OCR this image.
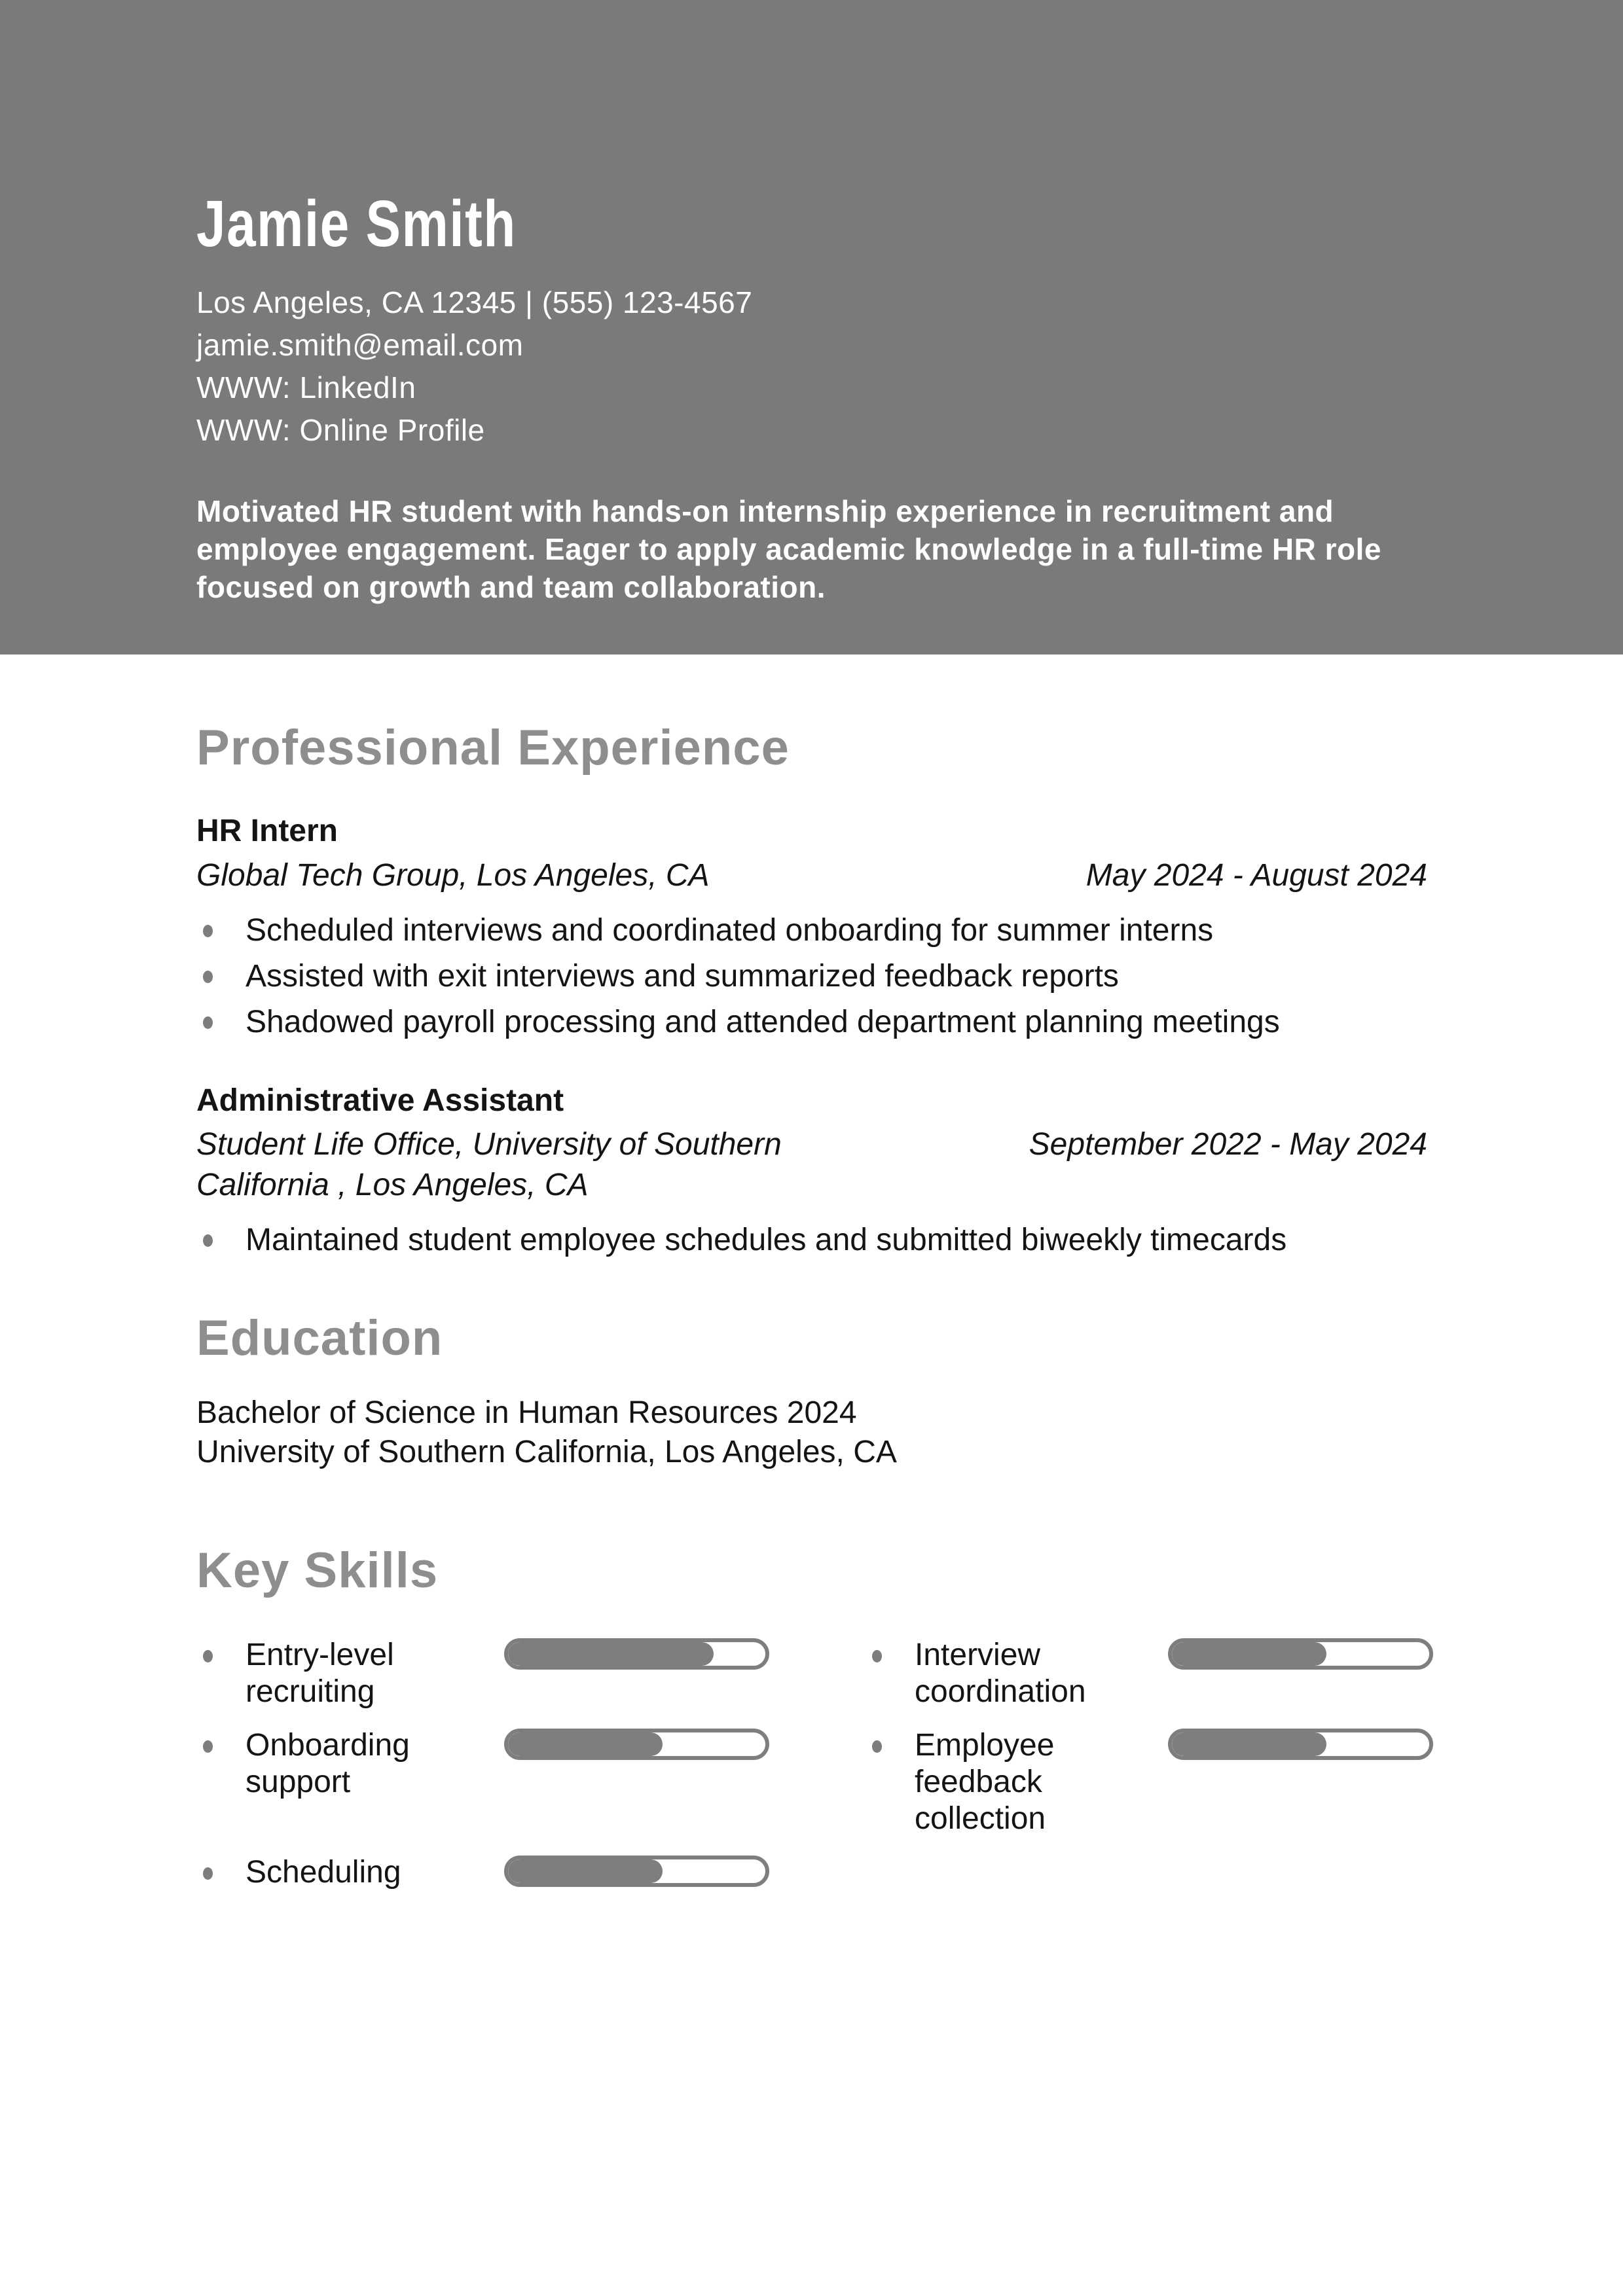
Jamie Smith
Los Angeles, CA 12345 | (555) 123-4567
jamie.smith@email.com
WWW: LinkedIn
WWW: Online Profile

Motivated HR student with hands-on internship experience in recruitment and employee engagement. Eager to apply academic knowledge in a full-time HR role focused on growth and team collaboration.

Professional Experience
HR Intern
Global Tech Group, Los Angeles, CA	May 2024 - August 2024
Scheduled interviews and coordinated onboarding for summer interns
Assisted with exit interviews and summarized feedback reports
Shadowed payroll processing and attended department planning meetings
Administrative Assistant
Student Life Office, University of Southern California , Los Angeles, CA
September 2022 - May 2024
Maintained student employee schedules and submitted biweekly timecards
Education
Bachelor of Science in Human Resources 2024
University of Southern California, Los Angeles, CA
Key Skills
Entry-level recruiting
Interview coordination
Onboarding support
Employee feedback collection
Scheduling
